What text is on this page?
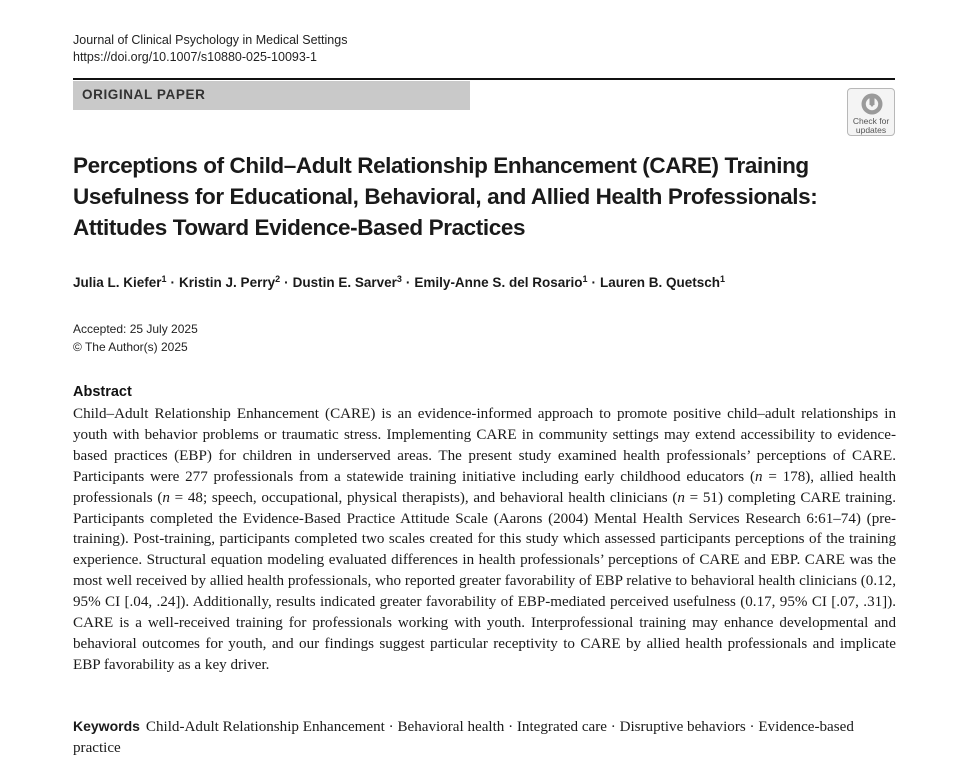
Journal of Clinical Psychology in Medical Settings
https://doi.org/10.1007/s10880-025-10093-1
ORIGINAL PAPER
Check for
updates
Perceptions of Child–Adult Relationship Enhancement (CARE) Training Usefulness for Educational, Behavioral, and Allied Health Professionals: Attitudes Toward Evidence-Based Practices
Julia L. Kiefer$^1$ · Kristin J. Perry$^2$ · Dustin E. Sarver$^3$ · Emily-Anne S. del Rosario$^1$ · Lauren B. Quetsch$^1$
Accepted: 25 July 2025
© The Author(s) 2025
Abstract

Child–Adult Relationship Enhancement (CARE) is an evidence-informed approach to promote positive child–adult relationships in youth with behavior problems or traumatic stress. Implementing CARE in community settings may extend accessibility to evidence-based practices (EBP) for children in underserved areas. The present study examined health professionals’ perceptions of CARE. Participants were 277 professionals from a statewide training initiative including early childhood educators (n = 178), allied health professionals (n = 48; speech, occupational, physical therapists), and behavioral health clinicians (n = 51) completing CARE training. Participants completed the Evidence-Based Practice Attitude Scale (Aarons (2004) Mental Health Services Research 6:61–74) (pre-training). Post-training, participants completed two scales created for this study which assessed participants perceptions of the training experience. Structural equation modeling evaluated differences in health professionals’ perceptions of CARE and EBP. CARE was the most well received by allied health professionals, who reported greater favorability of EBP relative to behavioral health clinicians (0.12, 95% CI [.04, .24]). Additionally, results indicated greater favorability of EBP-mediated perceived usefulness (0.17, 95% CI [.07, .31]). CARE is a well-received training for professionals working with youth. Interprofessional training may enhance developmental and behavioral outcomes for youth, and our findings suggest particular receptivity to CARE by allied health professionals and implicate EBP favorability as a key driver.

Keywords Child-Adult Relationship Enhancement · Behavioral health · Integrated care · Disruptive behaviors · Evidence-based practice
